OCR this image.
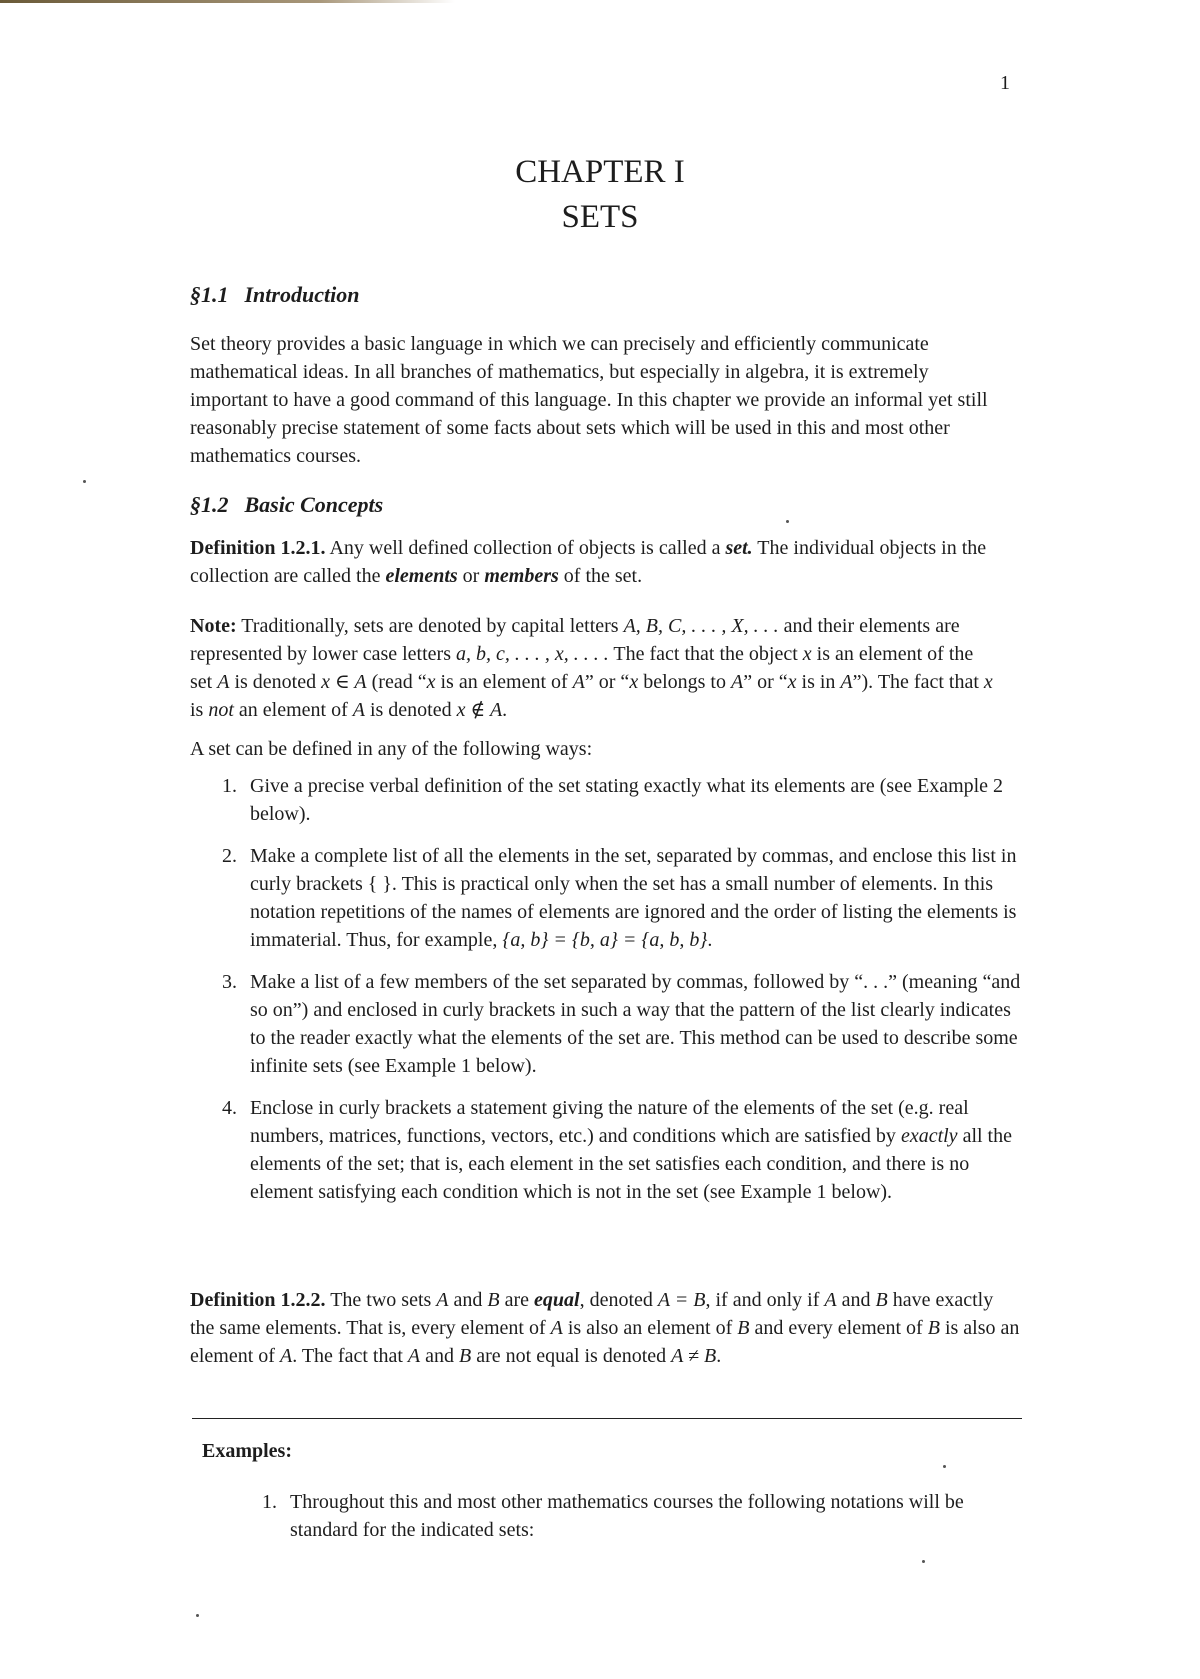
1
CHAPTER I
SETS
§1.1 Introduction

Set theory provides a basic language in which we can precisely and efficiently communicate mathematical ideas. In all branches of mathematics, but especially in algebra, it is extremely important to have a good command of this language. In this chapter we provide an informal yet still reasonably precise statement of some facts about sets which will be used in this and most other mathematics courses.

§1.2 Basic Concepts
Definition 1.2.1. Any well defined collection of objects is called a set. The individual objects in the collection are called the elements or members of the set.
Note: Traditionally, sets are denoted by capital letters A, B, C, . . . , X, . . . and their elements are represented by lower case letters a, b, c, . . . , x, . . . . The fact that the object x is an element of the set A is denoted x ∈ A (read “x is an element of A” or “x belongs to A” or “x is in A”). The fact that x is not an element of A is denoted x ∉ A.

A set can be defined in any of the following ways:

1. Give a precise verbal definition of the set stating exactly what its elements are (see Example 2 below).
2. Make a complete list of all the elements in the set, separated by commas, and enclose this list in curly brackets { }. This is practical only when the set has a small number of elements. In this notation repetitions of the names of elements are ignored and the order of listing the elements is immaterial. Thus, for example, {a, b} = {b, a} = {a, b, b}.
3. Make a list of a few members of the set separated by commas, followed by “. . .” (meaning “and so on”) and enclosed in curly brackets in such a way that the pattern of the list clearly indicates to the reader exactly what the elements of the set are. This method can be used to describe some infinite sets (see Example 1 below).
4. Enclose in curly brackets a statement giving the nature of the elements of the set (e.g. real numbers, matrices, functions, vectors, etc.) and conditions which are satisfied by exactly all the elements of the set; that is, each element in the set satisfies each condition, and there is no element satisfying each condition which is not in the set (see Example 1 below).
Definition 1.2.2. The two sets A and B are equal, denoted A = B, if and only if A and B have exactly the same elements. That is, every element of A is also an element of B and every element of B is also an element of A. The fact that A and B are not equal is denoted A ≠ B.
Examples:
1. Throughout this and most other mathematics courses the following notations will be standard for the indicated sets:
